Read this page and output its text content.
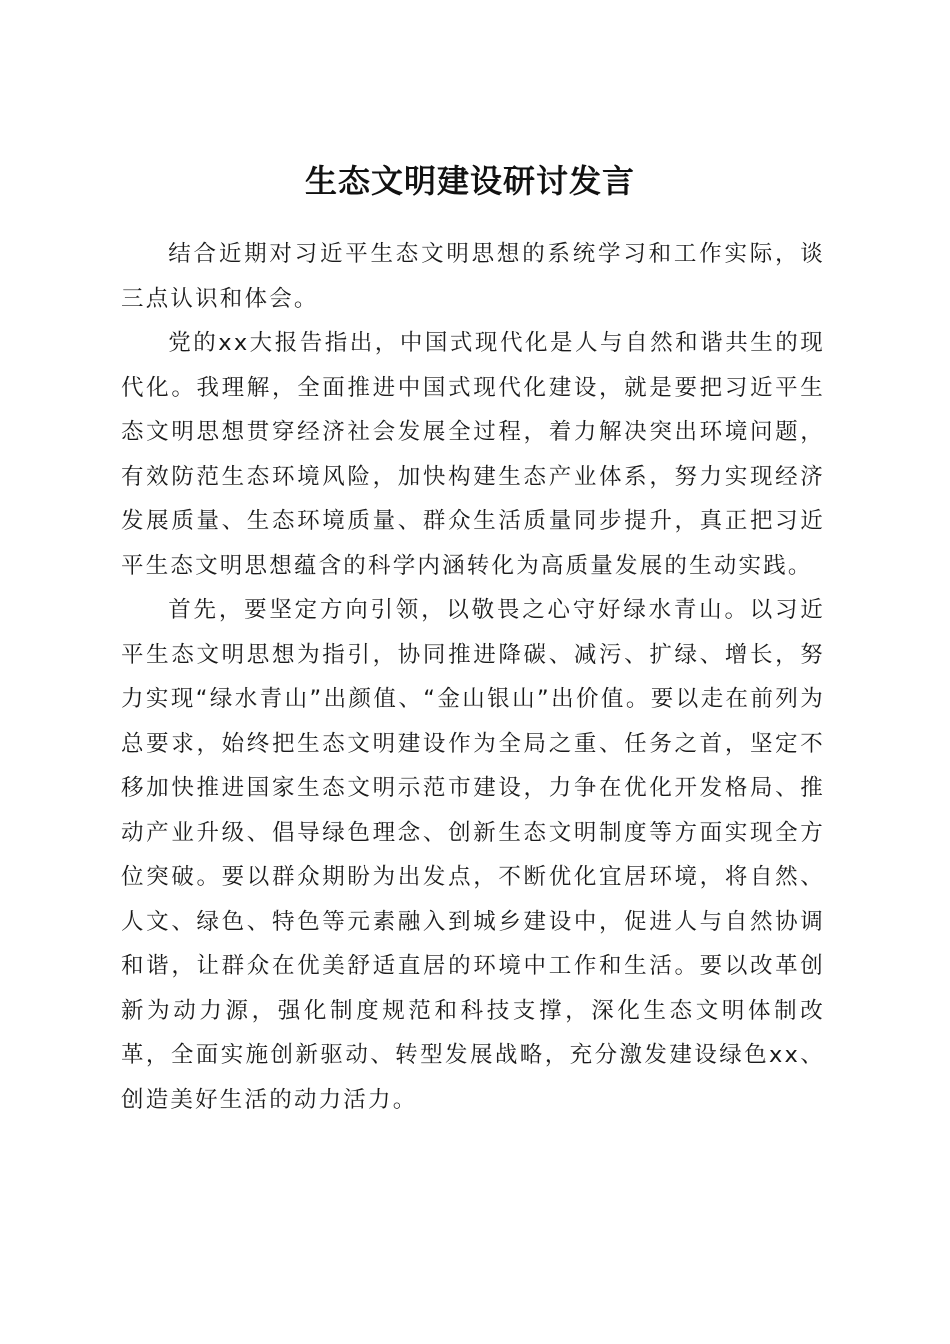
生态文明建设研讨发言

结合近期对习近平生态文明思想的系统学习和工作实际，谈三点认识和体会。

党的xx大报告指出，中国式现代化是人与自然和谐共生的现代化。我理解，全面推进中国式现代化建设，就是要把习近平生态文明思想贯穿经济社会发展全过程，着力解决突出环境问题，有效防范生态环境风险，加快构建生态产业体系，努力实现经济发展质量、生态环境质量、群众生活质量同步提升，真正把习近平生态文明思想蕴含的科学内涵转化为高质量发展的生动实践。

首先，要坚定方向引领，以敬畏之心守好绿水青山。以习近平生态文明思想为指引，协同推进降碳、减污、扩绿、增长，努力实现“绿水青山”出颜值、“金山银山”出价值。要以走在前列为总要求，始终把生态文明建设作为全局之重、任务之首，坚定不移加快推进国家生态文明示范市建设，力争在优化开发格局、推动产业升级、倡导绿色理念、创新生态文明制度等方面实现全方位突破。要以群众期盼为出发点，不断优化宜居环境，将自然、人文、绿色、特色等元素融入到城乡建设中，促进人与自然协调和谐，让群众在优美舒适直居的环境中工作和生活。要以改革创新为动力源，强化制度规范和科技支撑，深化生态文明体制改革，全面实施创新驱动、转型发展战略，充分激发建设绿色xx、创造美好生活的动力活力。
